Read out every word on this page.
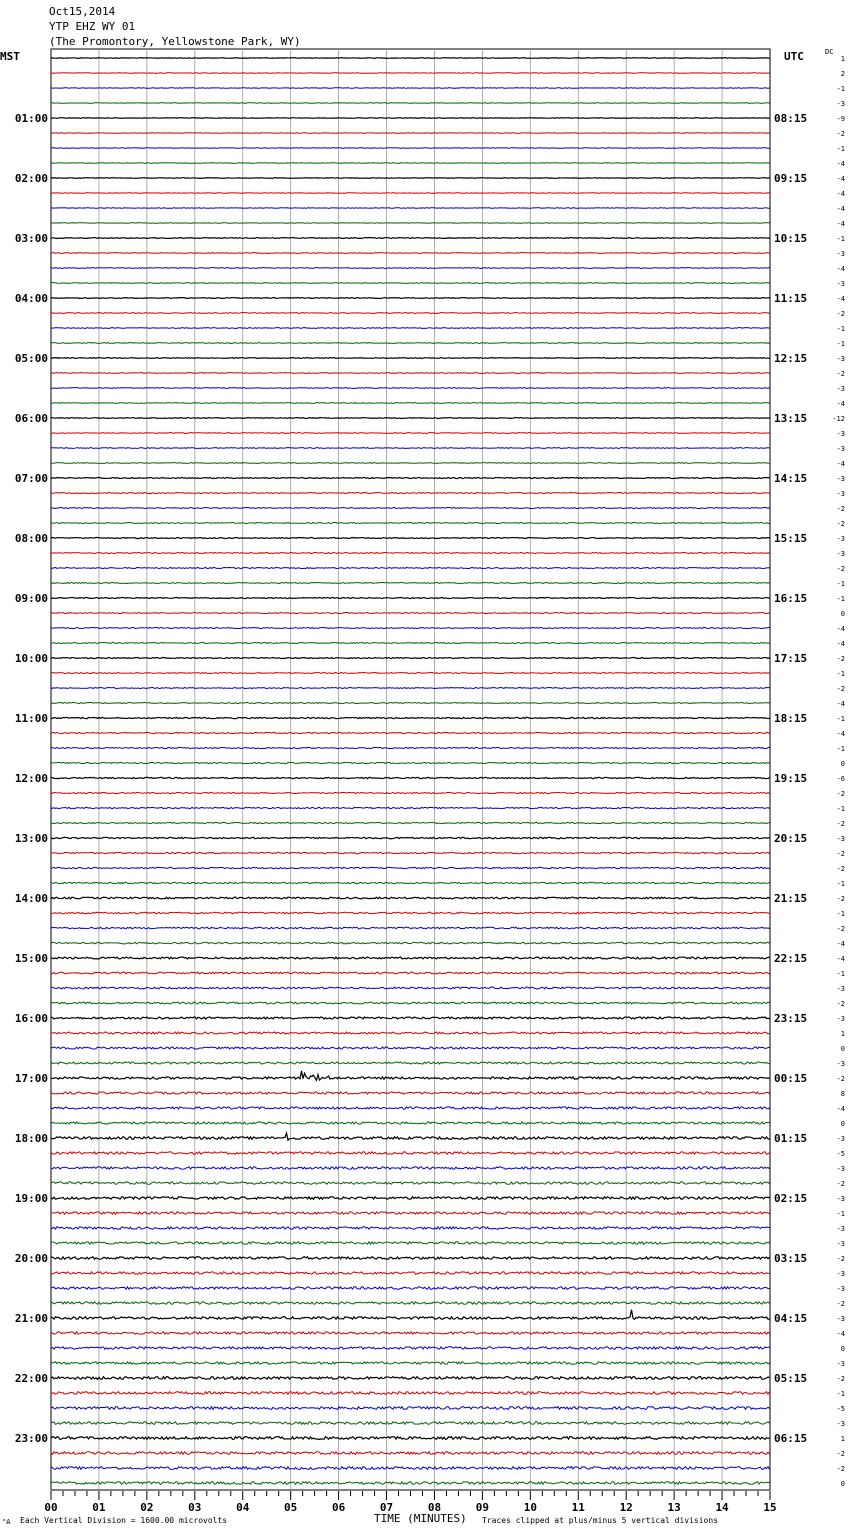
Oct15,2014
YTP EHZ WY 01
(The Promontory, Yellowstone Park, WY)
MST	UTC	DC
01:00
02:00
03:00
04:00
05:00
06:00
07:00
08:00
09:00
10:00
11:00
12:00
13:00
14:00
15:00
16:00
17:00
18:00
19:00
20:00
21:00
22:00
23:00
08:15
09:15
10:15
11:15
12:15
13:15
14:15
15:15
16:15
17:15
18:15
19:15
20:15
21:15
22:15
23:15
00:15
01:15
02:15
03:15
04:15
05:15
06:15
1
2
-1
-3
-9
-2
-1
-4
-4
-4
-4
-4
-1
-3
-4
-3
-4
-2
-1
-1
-3
-2
-3
-4
-12
-3
-3
-4
-3
-3
-2
-2
-3
-3
-2
-1
-1
0
-4
-4
-2
-1
-2
-4
-1
-4
-1
0
-6
-2
-1
-2
-3
-2
-2
-1
-2
-1
-2
-4
-4
-1
-3
-2
-3
1
0
-3
-2
8
-4
0
-3
-5
-3
-2
-3
-1
-3
-3
-2
-3
-3
-2
-3
-4
0
-3
-2
-1
-5
-3
1
-2
-2
0
00	01	02	03	04	05	06	07	08	09	10	11	12	13	14	15
TIME (MINUTES)
Each Vertical Division = 1600.00 microvolts	Traces clipped at plus/minus 5 vertical divisions
⌃A
